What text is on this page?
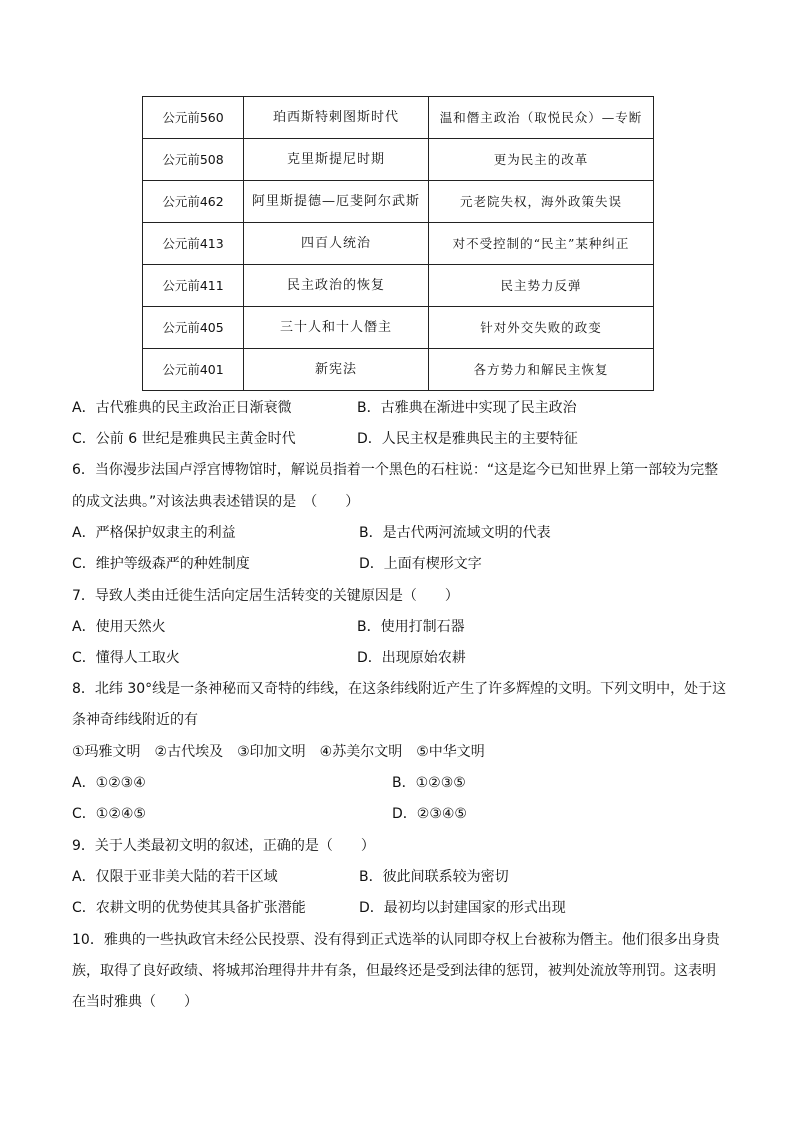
公元前560	珀西斯特剌图斯时代	温和僭主政治（取悦民众）—专断
公元前508	克里斯提尼时期	更为民主的改革
公元前462	阿里斯提德—厄斐阿尔武斯	元老院失权，海外政策失误
公元前413	四百人统治	对不受控制的“民主”某种纠正
公元前411	民主政治的恢复	民主势力反弹
公元前405	三十人和十人僭主	针对外交失败的政变
公元前401	新宪法	各方势力和解民主恢复
A．古代雅典的民主政治正日渐衰微	B．古雅典在渐进中实现了民主政治
C．公前 6 世纪是雅典民主黄金时代	D．人民主权是雅典民主的主要特征
6．当你漫步法国卢浮宫博物馆时，解说员指着一个黑色的石柱说：“这是迄今已知世界上第一部较为完整
的成文法典。”对该法典表述错误的是　（　　）
A．严格保护奴隶主的利益	B．是古代两河流域文明的代表
C．维护等级森严的种姓制度	D．上面有楔形文字
7．导致人类由迁徙生活向定居生活转变的关键原因是（　　）
A．使用天然火	B．使用打制石器
C．懂得人工取火	D．出现原始农耕
8．北纬 30°线是一条神秘而又奇特的纬线，在这条纬线附近产生了许多辉煌的文明。下列文明中，处于这
条神奇纬线附近的有
①玛雅文明　②古代埃及　③印加文明　④苏美尔文明　⑤中华文明
A．①②③④	B．①②③⑤
C．①②④⑤	D．②③④⑤
9．关于人类最初文明的叙述，正确的是（　　）
A．仅限于亚非美大陆的若干区域	B．彼此间联系较为密切
C．农耕文明的优势使其具备扩张潜能	D．最初均以封建国家的形式出现
10．雅典的一些执政官未经公民投票、没有得到正式选举的认同即夺权上台被称为僭主。他们很多出身贵
族，取得了良好政绩、将城邦治理得井井有条，但最终还是受到法律的惩罚，被判处流放等刑罚。这表明
在当时雅典（　　）
